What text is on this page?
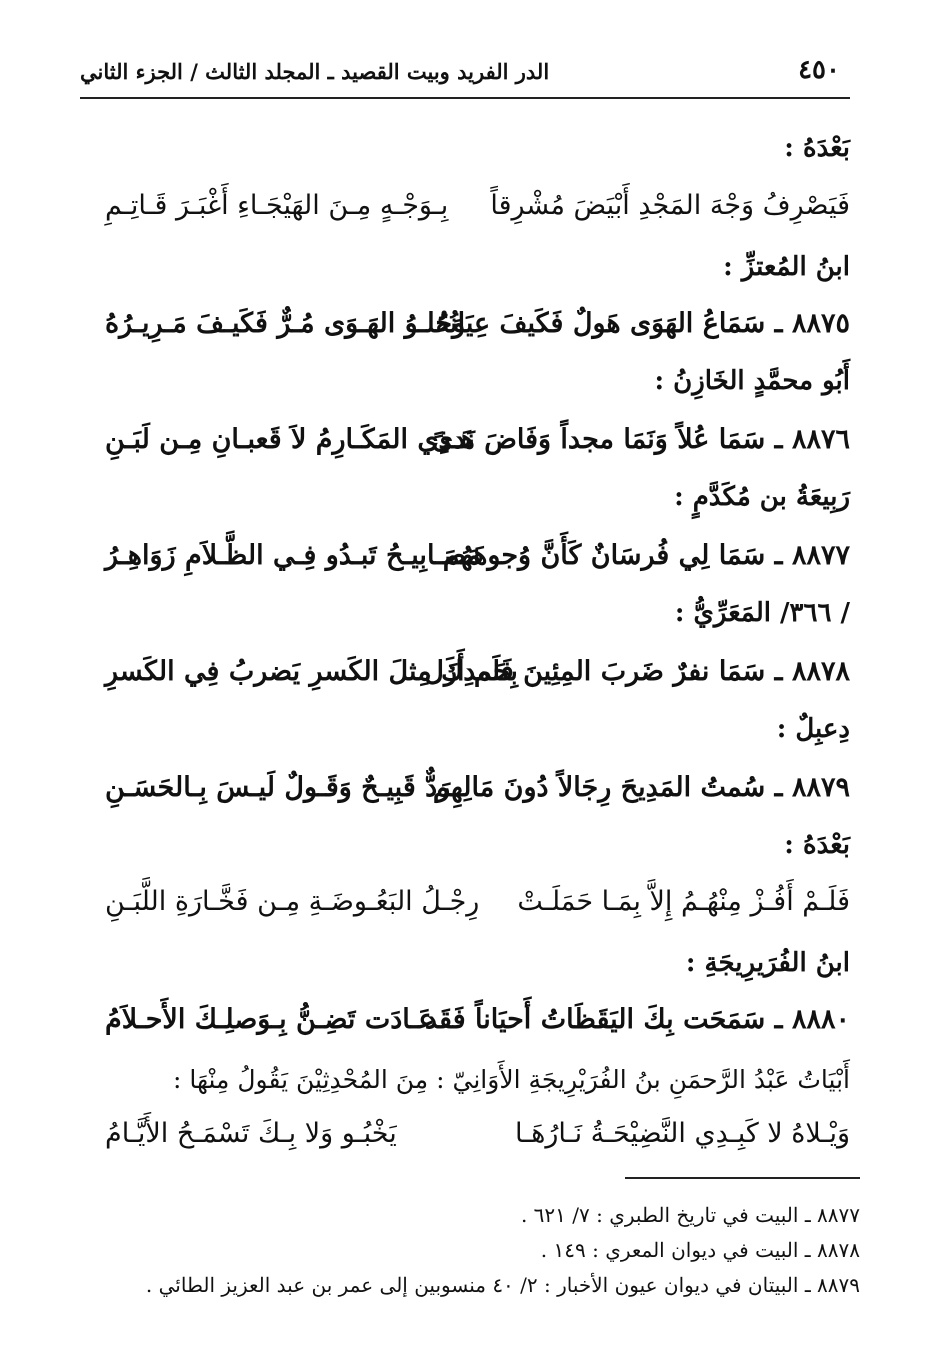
٤٥٠
الدر الفريد وبيت القصيد ـ المجلد الثالث / الجزء الثاني
بَعْدَهُ :
فَيَصْرِفُ وَجْهَ المَجْدِ أَبْيَضَ مُشْرِقاً
بِـوَجْـهٍ مِـنَ الهَيْجَـاءِ أَغْبَـرَ قَـاتِـمِ
ابنُ المُعتزِّ :
٨٨٧٥ ـ سَمَاعُ الهَوَى هَولٌ فَكَيفَ عِيَانُهُ
وَحُلـوُ الهَـوَى مُـرٌّ فَكَيـفَ مَـرِيـرُهُ
أَبُو محمَّدٍ الخَازِنُ :
٨٨٧٦ ـ سَمَا عُلاً وَنَمَا مجداً وَفَاضَ نَدىً
هَـذِي المَكَـارِمُ لاَ قَعبـانِ مِـن لَبَـنِ
رَبِيعَةُ بن مُكَدَّمٍ :
٨٨٧٧ ـ سَمَا لِي فُرسَانٌ كَأَنَّ وُجوهَهُم
مَصَـابِيـحُ تَبـدُو فِـي الظَّـلاَمِ زَوَاهِـرُ
/ ٣٦٦/ المَعَرِّيُّ :
٨٨٧٨ ـ سَمَا نفرٌ ضَربَ المِئِينَ فَلَم أَزَل
بِحَمدِكَ مِثلَ الكَسرِ يَضربُ فِي الكَسرِ
دِعبِلٌ :
٨٨٧٩ ـ سُمتُ المَدِيحَ رِجَالاً دُونَ مَالِهِم
رَدٌّ قَبِيـحٌ وَقَـولٌ لَيـسَ بِـالحَسَـنِ
بَعْدَهُ :
فَلَـمْ أَفُـزْ مِنْهُـمُ إِلاَّ بِمَـا حَمَلَـتْ
رِجْـلُ البَعُـوضَـةِ مِـن فَخَّـارَةِ اللَّبَـنِ
ابنُ الفُرَيرِيجَةِ :
٨٨٨٠ ـ سَمَحَت بِكَ اليَقَظَاتُ أَحيَاناً فَقَد
عَـادَت تَضِـنُّ بِـوَصلِـكَ الأَحـلاَمُ
أَبْيَاتُ عَبْدُ الرَّحمَنِ بنُ الفُرَيْرِيجَةِ الأَوَانِيّ : مِنَ المُحْدِثِيْنَ يَقُولُ مِنْهَا :
وَيْـلاهُ لا كَبِـدِي النَّضِيْحَـةُ نَـارُهَـا
يَخْبُـو وَلا بِـكَ تَسْمَـحُ الأَيَّـامُ
٨٨٧٧ ـ البيت في تاريخ الطبري : ٧/ ٦٢١ .
٨٨٧٨ ـ البيت في ديوان المعري : ١٤٩ .
٨٨٧٩ ـ البيتان في ديوان عيون الأخبار : ٢/ ٤٠ منسوبين إلى عمر بن عبد العزيز الطائي .
